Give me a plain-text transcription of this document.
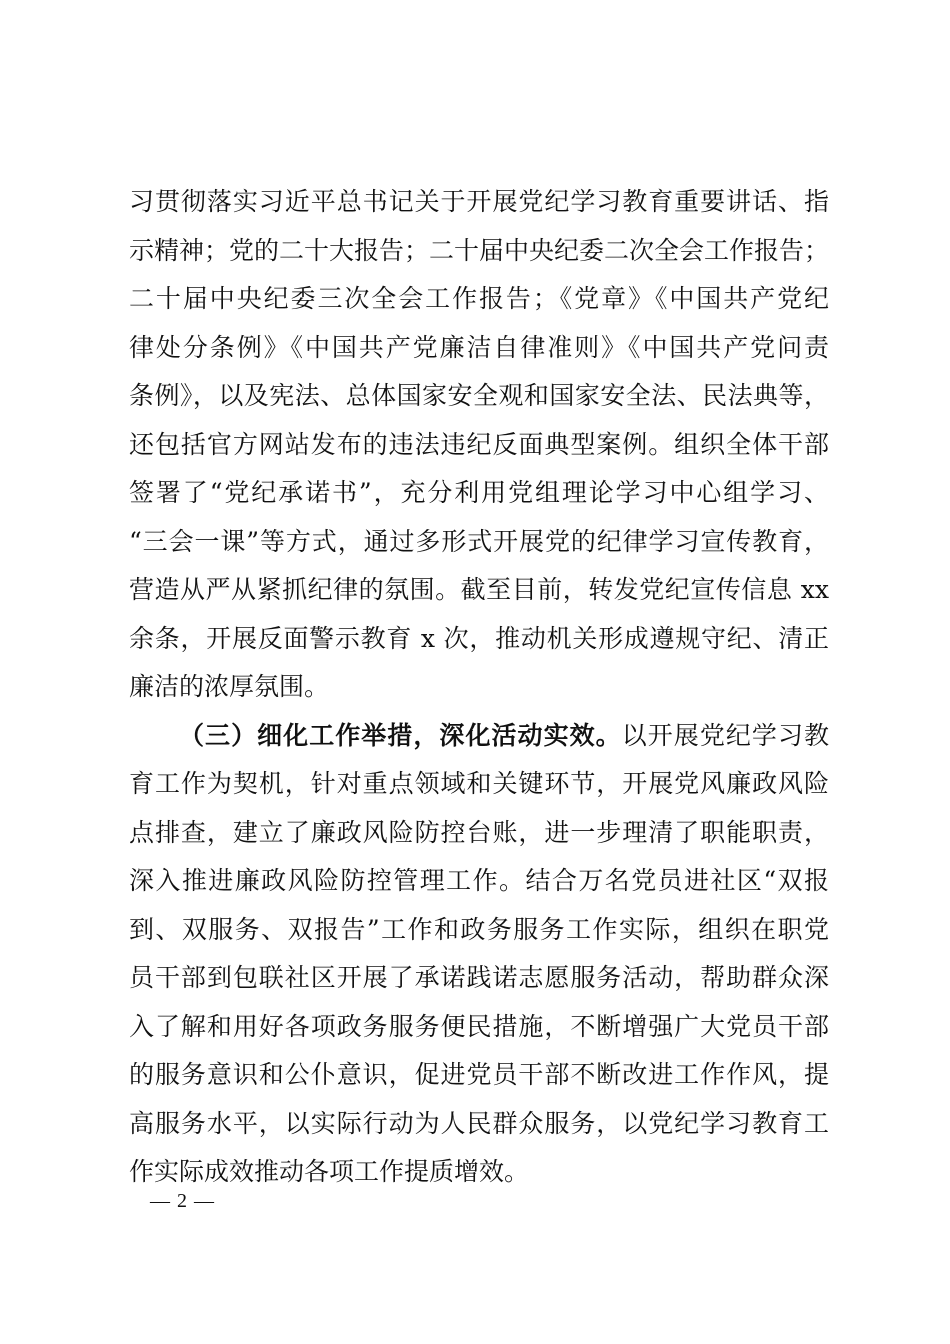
习贯彻落实习近平总书记关于开展党纪学习教育重要讲话、指
示精神；党的二十大报告；二十届中央纪委二次全会工作报告；
二十届中央纪委三次全会工作报告；《党章》《中国共产党纪
律处分条例》《中国共产党廉洁自律准则》《中国共产党问责
条例》，以及宪法、总体国家安全观和国家安全法、民法典等，
还包括官方网站发布的违法违纪反面典型案例。组织全体干部
签署了“党纪承诺书”，充分利用党组理论学习中心组学习、
“三会一课”等方式，通过多形式开展党的纪律学习宣传教育，
营造从严从紧抓纪律的氛围。截至目前，转发党纪宣传信息 xx
余条，开展反面警示教育 x 次，推动机关形成遵规守纪、清正
廉洁的浓厚氛围。
（三）细化工作举措，深化活动实效。以开展党纪学习教
育工作为契机，针对重点领域和关键环节，开展党风廉政风险
点排查，建立了廉政风险防控台账，进一步理清了职能职责，
深入推进廉政风险防控管理工作。结合万名党员进社区“双报
到、双服务、双报告”工作和政务服务工作实际，组织在职党
员干部到包联社区开展了承诺践诺志愿服务活动，帮助群众深
入了解和用好各项政务服务便民措施，不断增强广大党员干部
的服务意识和公仆意识，促进党员干部不断改进工作作风，提
高服务水平，以实际行动为人民群众服务，以党纪学习教育工
作实际成效推动各项工作提质增效。
— 2 —
